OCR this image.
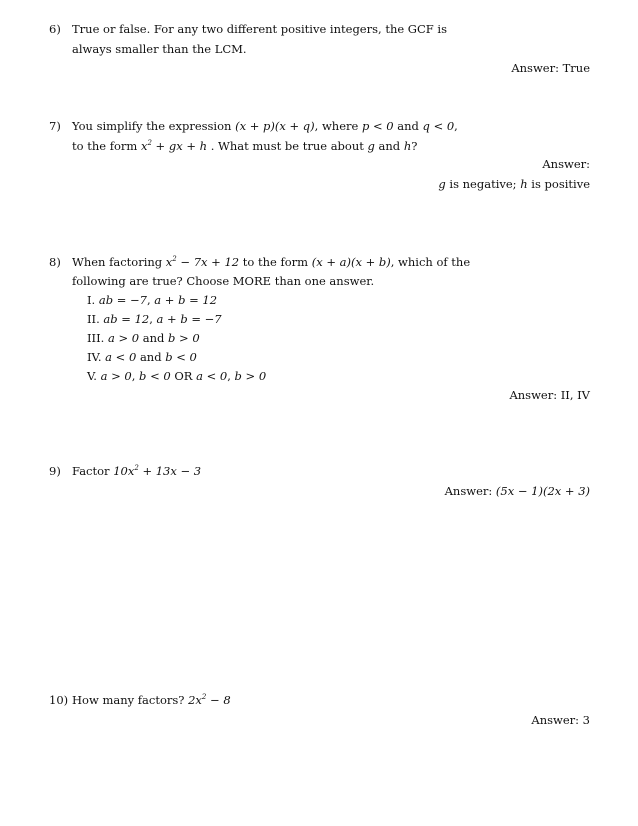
6) True or false. For any two different positive integers, the GCF is
always smaller than the LCM.
Answer: True
7) You simplify the expression (x + p)(x + q), where p < 0 and q < 0,
to the form $x^2$ + gx + h . What must be true about g and h?
Answer:
g is negative; h is positive
8) When factoring $x^2 - 7x + 12$ to the form (x + a)(x + b), which of the
following are true? Choose MORE than one answer.
I. ab = −7, a + b = 12
II. ab = 12, a + b = −7
III. a > 0 and b > 0
IV. a < 0 and b < 0
V. a > 0, b < 0 OR a < 0, b > 0
Answer: II, IV
9) Factor $10x^2 + 13x - 3$
Answer: (5x − 1)(2x + 3)
10) How many factors? $2x^2 - 8$
Answer: 3
